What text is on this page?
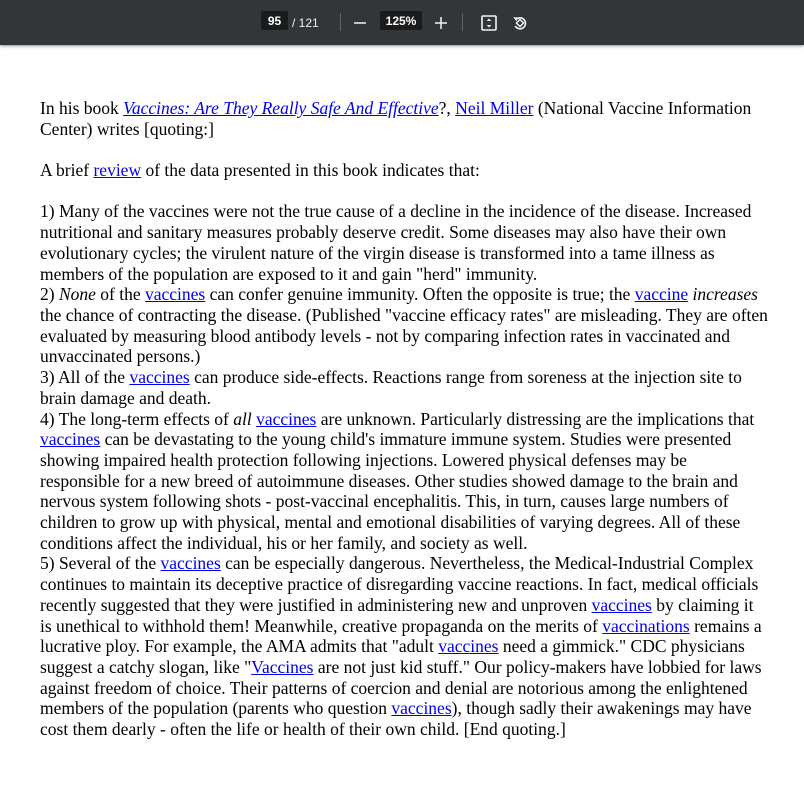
95 / 121	125%

In his book Vaccines: Are They Really Safe And Effective?, Neil Miller (National Vaccine Information Center) writes [quoting:]

A brief review of the data presented in this book indicates that:

1) Many of the vaccines were not the true cause of a decline in the incidence of the disease. Increased nutritional and sanitary measures probably deserve credit. Some diseases may also have their own evolutionary cycles; the virulent nature of the virgin disease is transformed into a tame illness as members of the population are exposed to it and gain "herd" immunity.

2) None of the vaccines can confer genuine immunity. Often the opposite is true; the vaccine increases the chance of contracting the disease. (Published "vaccine efficacy rates" are misleading. They are often evaluated by measuring blood antibody levels - not by comparing infection rates in vaccinated and unvaccinated persons.)

3) All of the vaccines can produce side-effects. Reactions range from soreness at the injection site to brain damage and death.

4) The long-term effects of all vaccines are unknown. Particularly distressing are the implications that vaccines can be devastating to the young child's immature immune system. Studies were presented showing impaired health protection following injections. Lowered physical defenses may be responsible for a new breed of autoimmune diseases. Other studies showed damage to the brain and nervous system following shots - post-vaccinal encephalitis. This, in turn, causes large numbers of children to grow up with physical, mental and emotional disabilities of varying degrees. All of these conditions affect the individual, his or her family, and society as well.

5) Several of the vaccines can be especially dangerous. Nevertheless, the Medical-Industrial Complex continues to maintain its deceptive practice of disregarding vaccine reactions. In fact, medical officials recently suggested that they were justified in administering new and unproven vaccines by claiming it is unethical to withhold them! Meanwhile, creative propaganda on the merits of vaccinations remains a lucrative ploy. For example, the AMA admits that "adult vaccines need a gimmick." CDC physicians suggest a catchy slogan, like "Vaccines are not just kid stuff." Our policy-makers have lobbied for laws against freedom of choice. Their patterns of coercion and denial are notorious among the enlightened members of the population (parents who question vaccines), though sadly their awakenings may have cost them dearly - often the life or health of their own child. [End quoting.]
